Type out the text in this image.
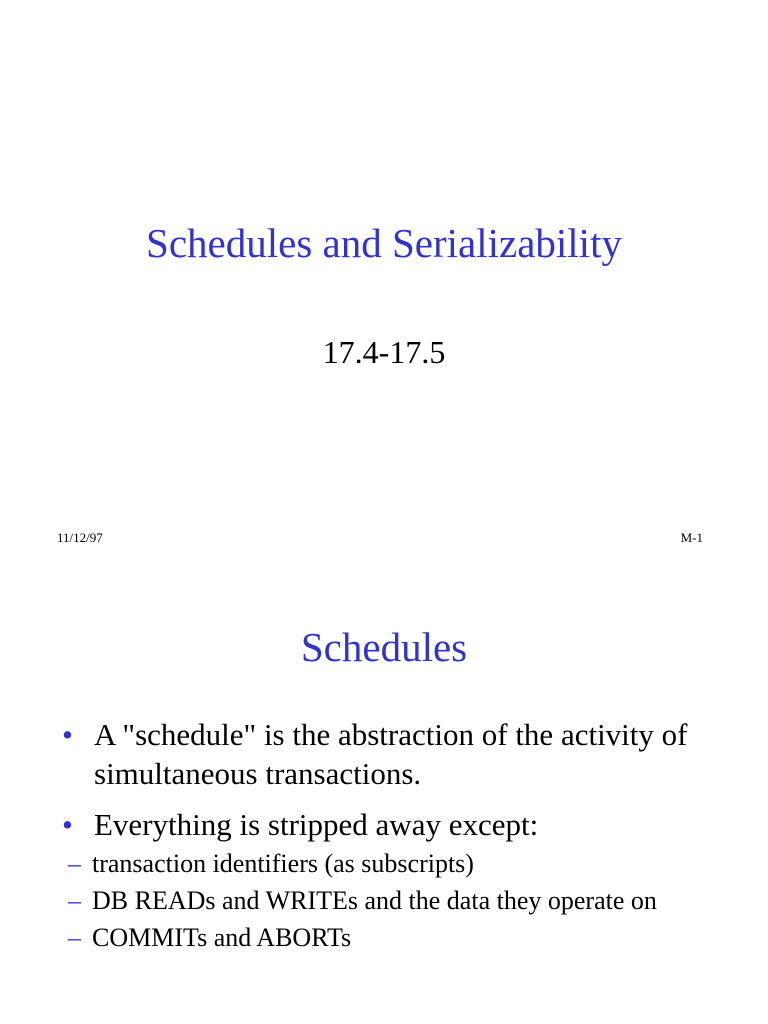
Schedules and Serializability
17.4-17.5
11/12/97	M-1
Schedules
• A "schedule" is the abstraction of the activity of simultaneous transactions.
• Everything is stripped away except:
– transaction identifiers (as subscripts)
– DB READs and WRITEs and the data they operate on
– COMMITs and ABORTs
